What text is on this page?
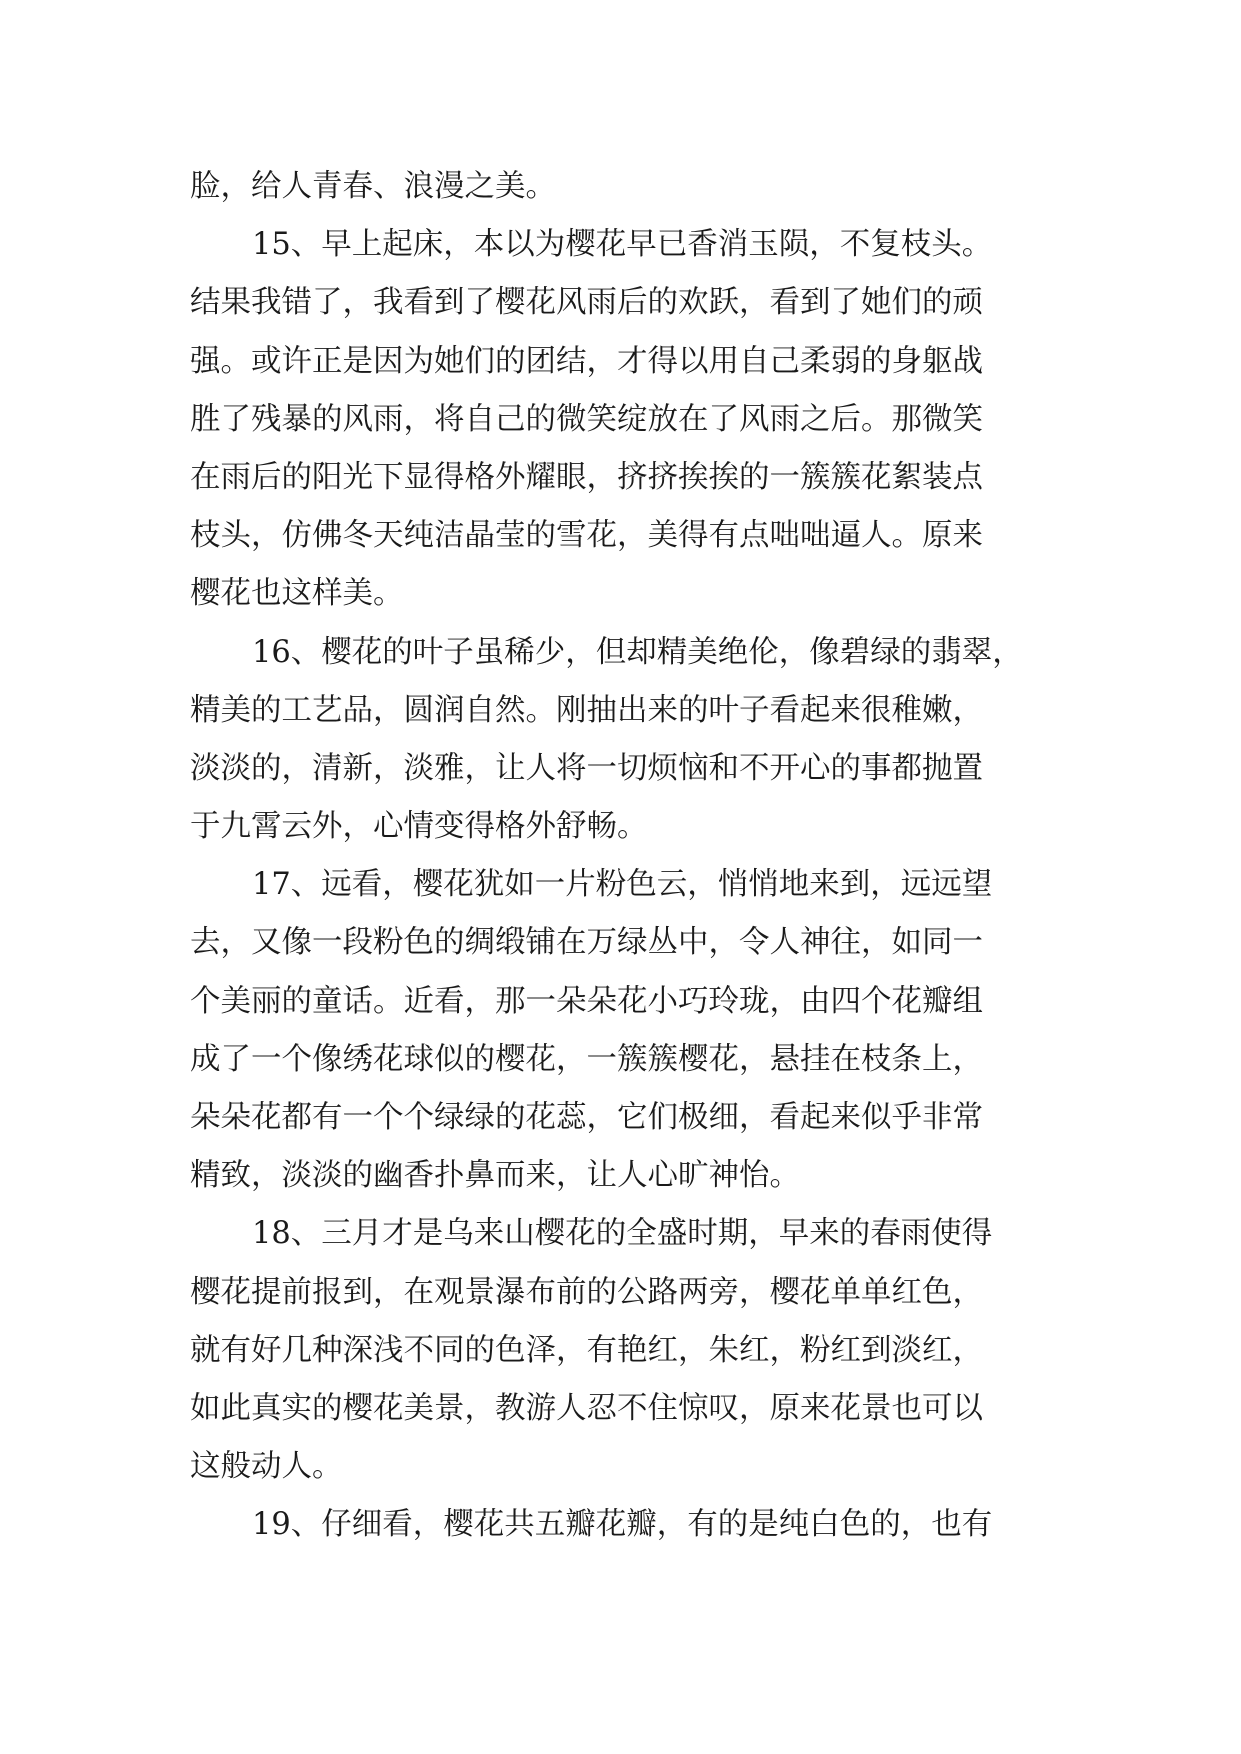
脸，给人青春、浪漫之美。
15、早上起床，本以为樱花早已香消玉陨，不复枝头。
结果我错了，我看到了樱花风雨后的欢跃，看到了她们的顽
强。或许正是因为她们的团结，才得以用自己柔弱的身躯战
胜了残暴的风雨，将自己的微笑绽放在了风雨之后。那微笑
在雨后的阳光下显得格外耀眼，挤挤挨挨的一簇簇花絮装点
枝头，仿佛冬天纯洁晶莹的雪花，美得有点咄咄逼人。原来
樱花也这样美。
16、樱花的叶子虽稀少，但却精美绝伦，像碧绿的翡翠，
精美的工艺品，圆润自然。刚抽出来的叶子看起来很稚嫩，
淡淡的，清新，淡雅，让人将一切烦恼和不开心的事都抛置
于九霄云外，心情变得格外舒畅。
17、远看，樱花犹如一片粉色云，悄悄地来到，远远望
去，又像一段粉色的绸缎铺在万绿丛中，令人神往，如同一
个美丽的童话。近看，那一朵朵花小巧玲珑，由四个花瓣组
成了一个像绣花球似的樱花，一簇簇樱花，悬挂在枝条上，
朵朵花都有一个个绿绿的花蕊，它们极细，看起来似乎非常
精致，淡淡的幽香扑鼻而来，让人心旷神怡。
18、三月才是乌来山樱花的全盛时期，早来的春雨使得
樱花提前报到，在观景瀑布前的公路两旁，樱花单单红色，
就有好几种深浅不同的色泽，有艳红，朱红，粉红到淡红，
如此真实的樱花美景，教游人忍不住惊叹，原来花景也可以
这般动人。
19、仔细看，樱花共五瓣花瓣，有的是纯白色的，也有
